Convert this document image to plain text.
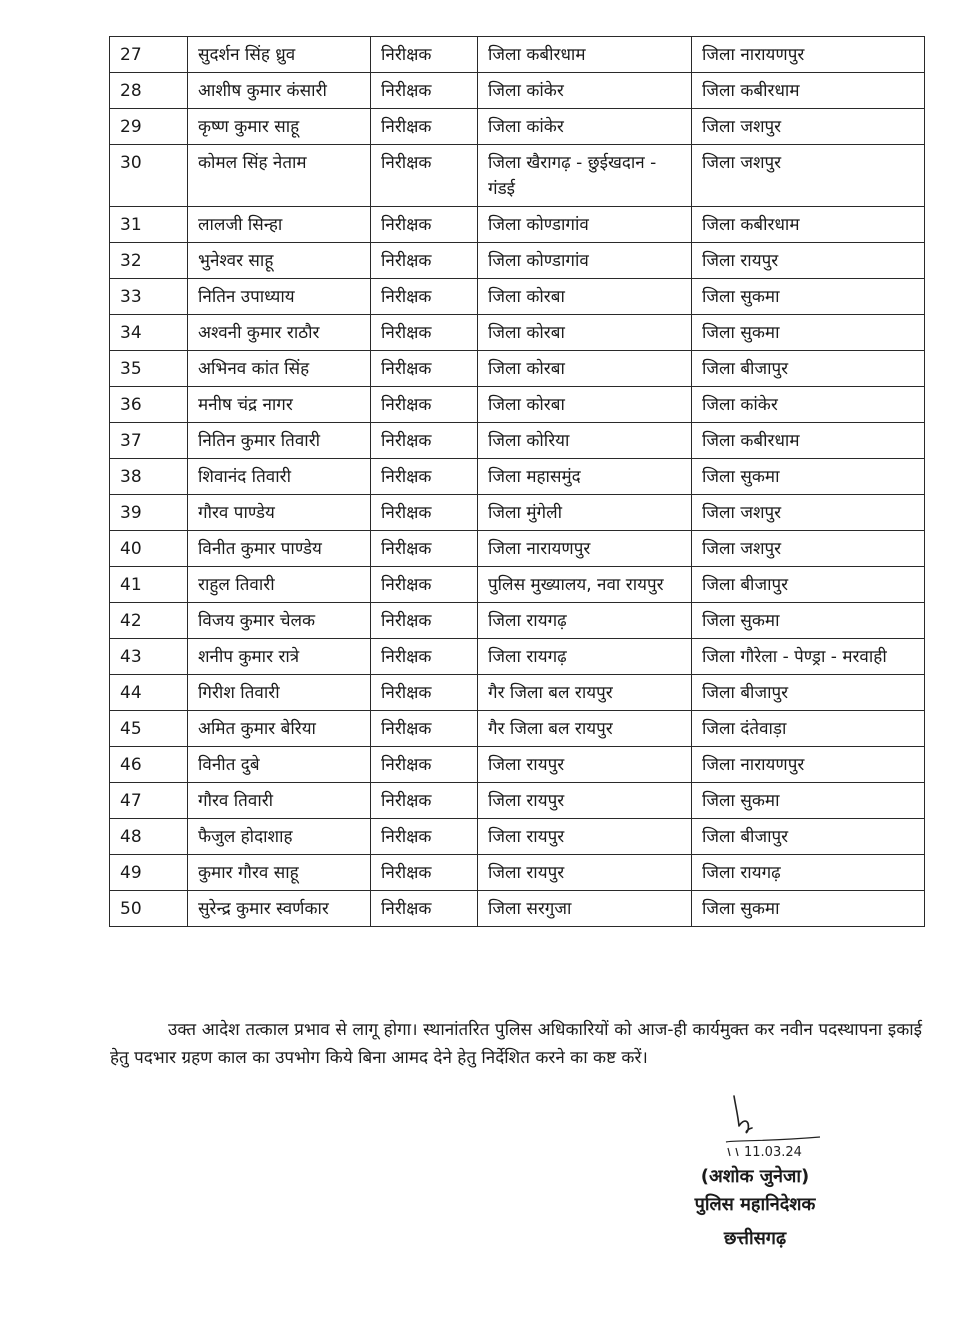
27	सुदर्शन सिंह ध्रुव	निरीक्षक	जिला कबीरधाम	जिला नारायणपुर
28	आशीष कुमार कंसारी	निरीक्षक	जिला कांकेर	जिला कबीरधाम
29	कृष्ण कुमार साहू	निरीक्षक	जिला कांकेर	जिला जशपुर
30	कोमल सिंह नेताम	निरीक्षक	जिला खैरागढ़ - छुईखदान - गंडई	जिला जशपुर
31	लालजी सिन्हा	निरीक्षक	जिला कोण्डागांव	जिला कबीरधाम
32	भुनेश्वर साहू	निरीक्षक	जिला कोण्डागांव	जिला रायपुर
33	नितिन उपाध्याय	निरीक्षक	जिला कोरबा	जिला सुकमा
34	अश्वनी कुमार राठौर	निरीक्षक	जिला कोरबा	जिला सुकमा
35	अभिनव कांत सिंह	निरीक्षक	जिला कोरबा	जिला बीजापुर
36	मनीष चंद्र नागर	निरीक्षक	जिला कोरबा	जिला कांकेर
37	नितिन कुमार तिवारी	निरीक्षक	जिला कोरिया	जिला कबीरधाम
38	शिवानंद तिवारी	निरीक्षक	जिला महासमुंद	जिला सुकमा
39	गौरव पाण्डेय	निरीक्षक	जिला मुंगेली	जिला जशपुर
40	विनीत कुमार पाण्डेय	निरीक्षक	जिला नारायणपुर	जिला जशपुर
41	राहुल तिवारी	निरीक्षक	पुलिस मुख्यालय, नवा रायपुर	जिला बीजापुर
42	विजय कुमार चेलक	निरीक्षक	जिला रायगढ़	जिला सुकमा
43	शनीप कुमार रात्रे	निरीक्षक	जिला रायगढ़	जिला गौरेला - पेण्ड्रा - मरवाही
44	गिरीश तिवारी	निरीक्षक	गैर जिला बल रायपुर	जिला बीजापुर
45	अमित कुमार बेरिया	निरीक्षक	गैर जिला बल रायपुर	जिला दंतेवाड़ा
46	विनीत दुबे	निरीक्षक	जिला रायपुर	जिला नारायणपुर
47	गौरव तिवारी	निरीक्षक	जिला रायपुर	जिला सुकमा
48	फैजुल होदाशाह	निरीक्षक	जिला रायपुर	जिला बीजापुर
49	कुमार गौरव साहू	निरीक्षक	जिला रायपुर	जिला रायगढ़
50	सुरेन्द्र कुमार स्वर्णकार	निरीक्षक	जिला सरगुजा	जिला सुकमा

उक्त आदेश तत्काल प्रभाव से लागू होगा। स्थानांतरित पुलिस अधिकारियों को आज-ही कार्यमुक्त कर नवीन पदस्थापना इकाई हेतु पदभार ग्रहण काल का उपभोग किये बिना आमद देने हेतु निर्देशित करने का कष्ट करें।

11.03.24
(अशोक जुनेजा)
पुलिस महानिदेशक
छत्तीसगढ़
